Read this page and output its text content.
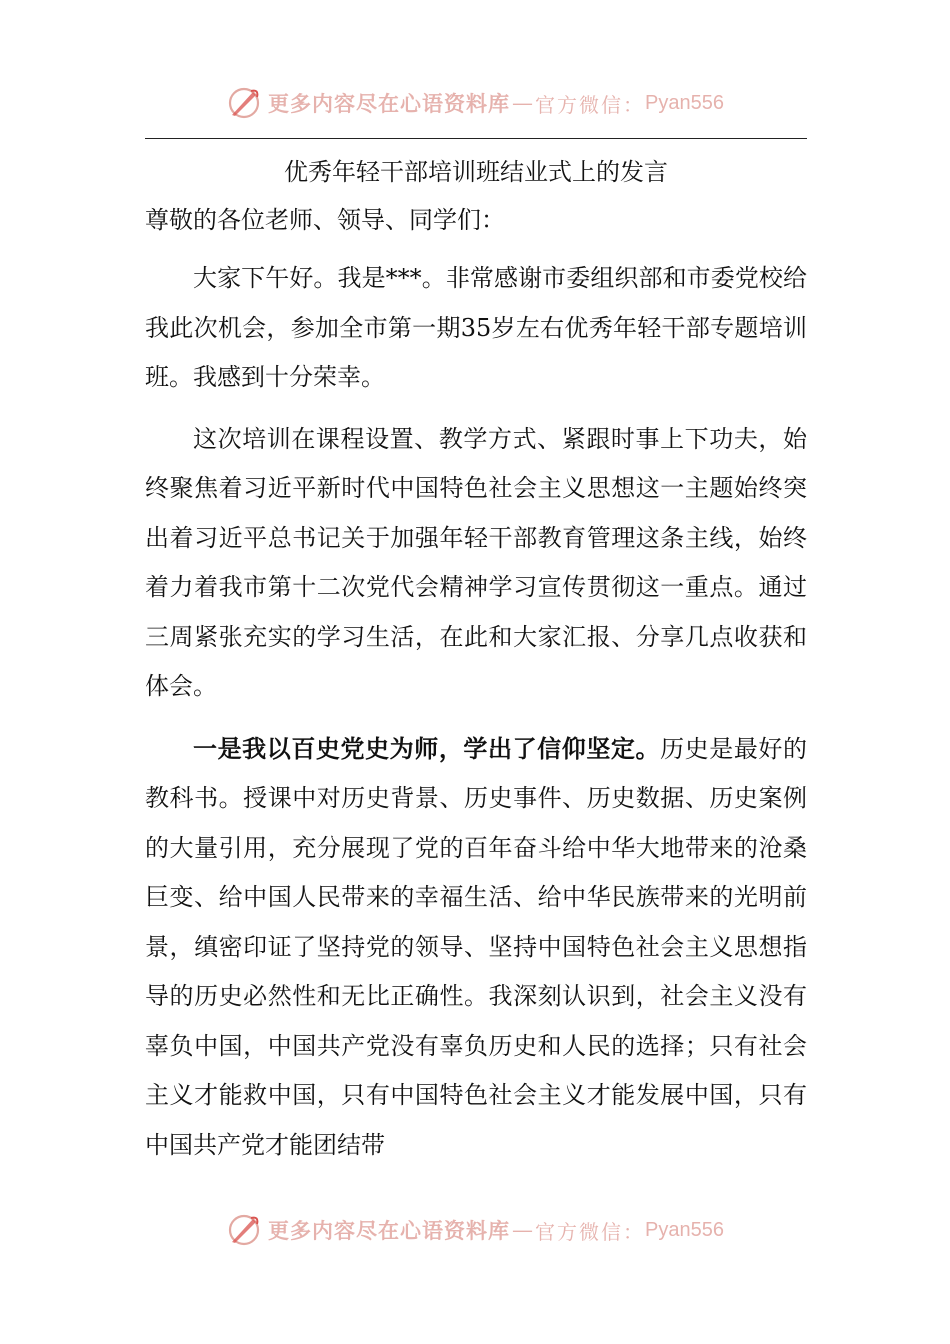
更多内容尽在心语资料库 — 官方微信： Pyan556
优秀年轻干部培训班结业式上的发言

尊敬的各位老师、领导、同学们：

大家下午好。我是***。非常感谢市委组织部和市委党校给我此次机会，参加全市第一期35岁左右优秀年轻干部专题培训班。我感到十分荣幸。

这次培训在课程设置、教学方式、紧跟时事上下功夫，始终聚焦着习近平新时代中国特色社会主义思想这一主题始终突出着习近平总书记关于加强年轻干部教育管理这条主线，始终着力着我市第十二次党代会精神学习宣传贯彻这一重点。通过三周紧张充实的学习生活，在此和大家汇报、分享几点收获和体会。

一是我以百史党史为师，学出了信仰坚定。历史是最好的教科书。授课中对历史背景、历史事件、历史数据、历史案例的大量引用，充分展现了党的百年奋斗给中华大地带来的沧桑巨变、给中国人民带来的幸福生活、给中华民族带来的光明前景，缜密印证了坚持党的领导、坚持中国特色社会主义思想指导的历史必然性和无比正确性。我深刻认识到，社会主义没有辜负中国，中国共产党没有辜负历史和人民的选择；只有社会主义才能救中国，只有中国特色社会主义才能发展中国，只有中国共产党才能团结带

更多内容尽在心语资料库 — 官方微信： Pyan556
